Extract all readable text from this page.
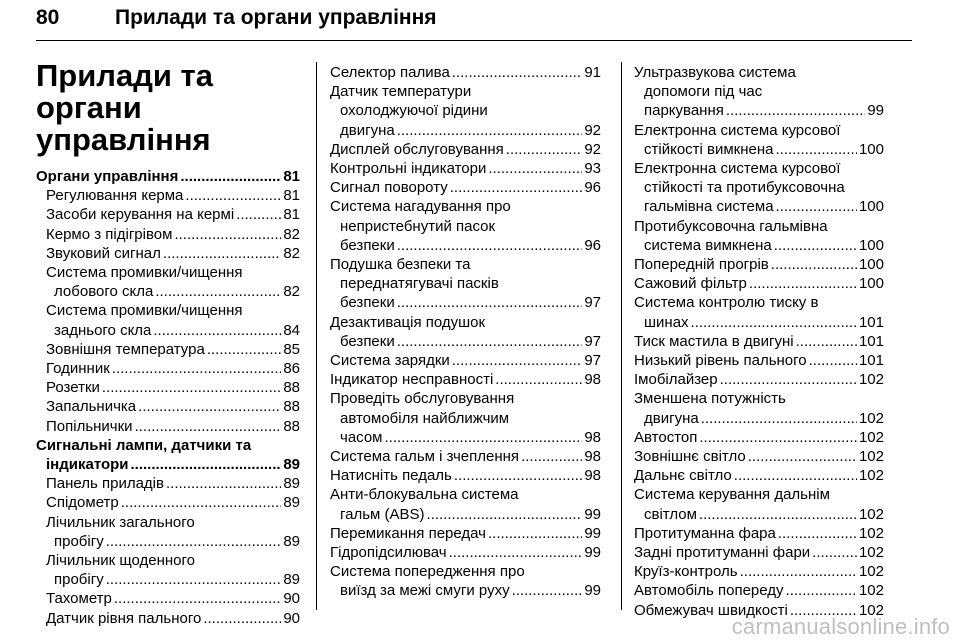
80	Прилади та органи управління
Прилади та органи
управління
Органи управління .....	81
Регулювання керма .....	81
Засоби керування на кермі .....	81
Кермо з підігрівом .....	82
Звуковий сигнал .....	82
Система промивки/чищення
лобового скла .....	82
Система промивки/чищення
заднього скла .....	84
Зовнішня температура .....	85
Годинник .....	86
Розетки .....	88
Запальничка .....	88
Попільнички .....	88
Сигнальні лампи, датчики та
індикатори .....	89
Панель приладів .....	89
Спідометр .....	89
Лічильник загального
пробігу .....	89
Лічильник щоденного
пробігу .....	89
Тахометр .....	90
Датчик рівня пального .....	90
Селектор палива .....	91
Датчик температури
охолоджуючої рідини
двигуна .....	92
Дисплей обслуговування .....	92
Контрольні індикатори .....	93
Сигнал повороту .....	96
Система нагадування про
непристебнутий пасок
безпеки .....	96
Подушка безпеки та
переднатягувачі пасків
безпеки .....	97
Дезактивація подушок
безпеки .....	97
Система зарядки .....	97
Індикатор несправності .....	98
Проведіть обслуговування
автомобіля найближчим
часом .....	98
Система гальм і зчеплення .....	98
Натисніть педаль .....	98
Анти-блокувальна система
гальм (ABS) .....	99
Перемикання передач .....	99
Гідропідсилювач .....	99
Система попередження про
виїзд за межі смуги руху .....	99
Ультразвукова система
допомоги під час
паркування .....	99
Електронна система курсової
стійкості вимкнена .....	100
Електронна система курсової
стійкості та протибуксовочна
гальмівна система .....	100
Протибуксовочна гальмівна
система вимкнена .....	100
Попередній прогрів .....	100
Сажовий фільтр .....	100
Система контролю тиску в
шинах .....	101
Тиск мастила в двигуні .....	101
Низький рівень пального .....	101
Імобілайзер .....	102
Зменшена потужність
двигуна .....	102
Автостоп .....	102
Зовнішнє світло .....	102
Дальнє світло .....	102
Система керування дальнім
світлом .....	102
Протитуманна фара .....	102
Задні протитуманні фари .....	102
Круїз-контроль .....	102
Автомобіль попереду .....	102
Обмежувач швидкості .....	102
carmanualsonline.info
